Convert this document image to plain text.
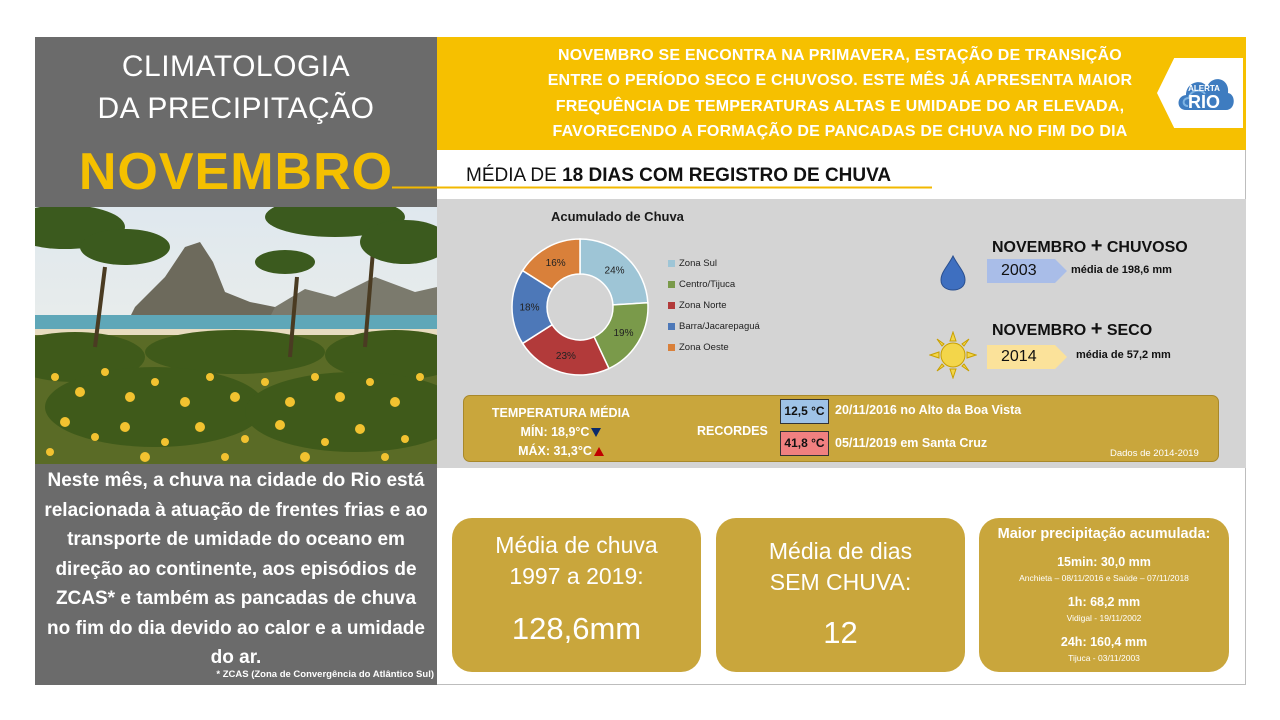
CLIMATOLOGIA
DA PRECIPITAÇÃO
NOVEMBRO
Neste mês, a chuva na cidade do Rio está relacionada à atuação de frentes frias e ao transporte de umidade do oceano em direção ao continente, aos episódios de ZCAS* e também as pancadas de chuva no fim do dia devido ao calor e a umidade do ar.
* ZCAS (Zona de Convergência do Atlântico Sul)
NOVEMBRO SE ENCONTRA NA PRIMAVERA, ESTAÇÃO DE TRANSIÇÃO
ENTRE O PERÍODO SECO E CHUVOSO. ESTE MÊS JÁ APRESENTA MAIOR
FREQUÊNCIA DE TEMPERATURAS ALTAS E UMIDADE DO AR ELEVADA,
FAVORECENDO A FORMAÇÃO DE PANCADAS DE CHUVA NO FIM DO DIA
ALERTA
RIO
MÉDIA DE 18 DIAS COM REGISTRO DE CHUVA
Acumulado de Chuva
24%
19%
23%
18%
16%	Zona Sul
Centro/Tijuca
Zona Norte
Barra/Jacarepaguá
Zona Oeste
NOVEMBRO + CHUVOSO
2003	média de 198,6 mm
NOVEMBRO + SECO
2014	média de 57,2 mm
TEMPERATURA MÉDIA
MÍN: 18,9°C
MÁX: 31,3°C
RECORDES
12,5 °C 20/11/2016 no Alto da Boa Vista
41,8 °C 05/11/2019 em Santa Cruz
Dados de 2014-2019
Média de chuva
1997 a 2019:
128,6mm
Média de dias
SEM CHUVA:
12
Maior precipitação acumulada:
15min: 30,0 mm
Anchieta – 08/11/2016 e Saúde – 07/11/2018
1h: 68,2 mm
Vidigal - 19/11/2002
24h: 160,4 mm
Tijuca - 03/11/2003
